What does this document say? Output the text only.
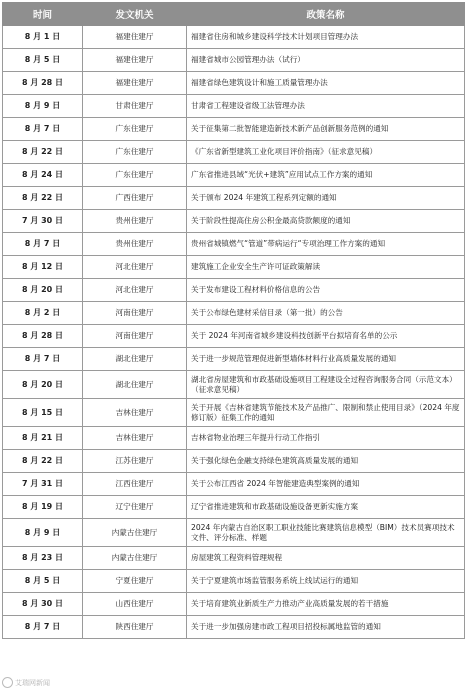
时间	发文机关	政策名称
8 月 1 日	福建住建厅	福建省住房和城乡建设科学技术计划项目管理办法
8 月 5 日	福建住建厅	福建省城市公园管理办法（试行）
8 月 28 日	福建住建厅	福建省绿色建筑设计和施工质量管理办法
8 月 9 日	甘肃住建厅	甘肃省工程建设省级工法管理办法
8 月 7 日	广东住建厅	关于征集第二批智能建造新技术新产品创新服务范例的通知
8 月 22 日	广东住建厅	《广东省新型建筑工业化项目评价指南》（征求意见稿）
8 月 24 日	广东住建厅	广东省推进县域“光伏+建筑”应用试点工作方案的通知
8 月 22 日	广西住建厅	关于颁布 2024 年建筑工程系列定额的通知
7 月 30 日	贵州住建厅	关于阶段性提高住房公积金最高贷款额度的通知
8 月 7 日	贵州住建厅	贵州省城镇燃气“管道”带病运行“专项治理工作方案的通知
8 月 12 日	河北住建厅	建筑施工企业安全生产许可证政策解读
8 月 20 日	河北住建厅	关于发布建设工程材料价格信息的公告
8 月 2 日	河南住建厅	关于公布绿色建材采信目录（第一批）的公告
8 月 28 日	河南住建厅	关于 2024 年河南省城乡建设科技创新平台拟培育名单的公示
8 月 7 日	湖北住建厅	关于进一步规范管理促进新型墙体材料行业高质量发展的通知
8 月 20 日	湖北住建厅	湖北省房屋建筑和市政基础设施项目工程建设全过程咨询服务合同（示范文本）（征求意见稿）
8 月 15 日	吉林住建厅	关于开展《吉林省建筑节能技术及产品推广、限制和禁止使用目录》（2024 年度修订版）征集工作的通知
8 月 21 日	吉林住建厅	吉林省物业治理三年提升行动工作指引
8 月 22 日	江苏住建厅	关于强化绿色金融支持绿色建筑高质量发展的通知
7 月 31 日	江西住建厅	关于公布江西省 2024 年智能建造典型案例的通知
8 月 19 日	辽宁住建厅	辽宁省推进建筑和市政基础设施设备更新实施方案
8 月 9 日	内蒙古住建厅	2024 年内蒙古自治区职工职业技能比赛建筑信息模型（BIM）技术员赛项技术文件、评分标准、样题
8 月 23 日	内蒙古住建厅	房屋建筑工程资料管理规程
8 月 5 日	宁夏住建厅	关于宁夏建筑市场监管服务系统上线试运行的通知
8 月 30 日	山西住建厅	关于培育建筑业新质生产力推动产业高质量发展的若干措施
8 月 7 日	陕西住建厅	关于进一步加强房建市政工程项目招投标属地监管的通知
艾瑞网新闻
